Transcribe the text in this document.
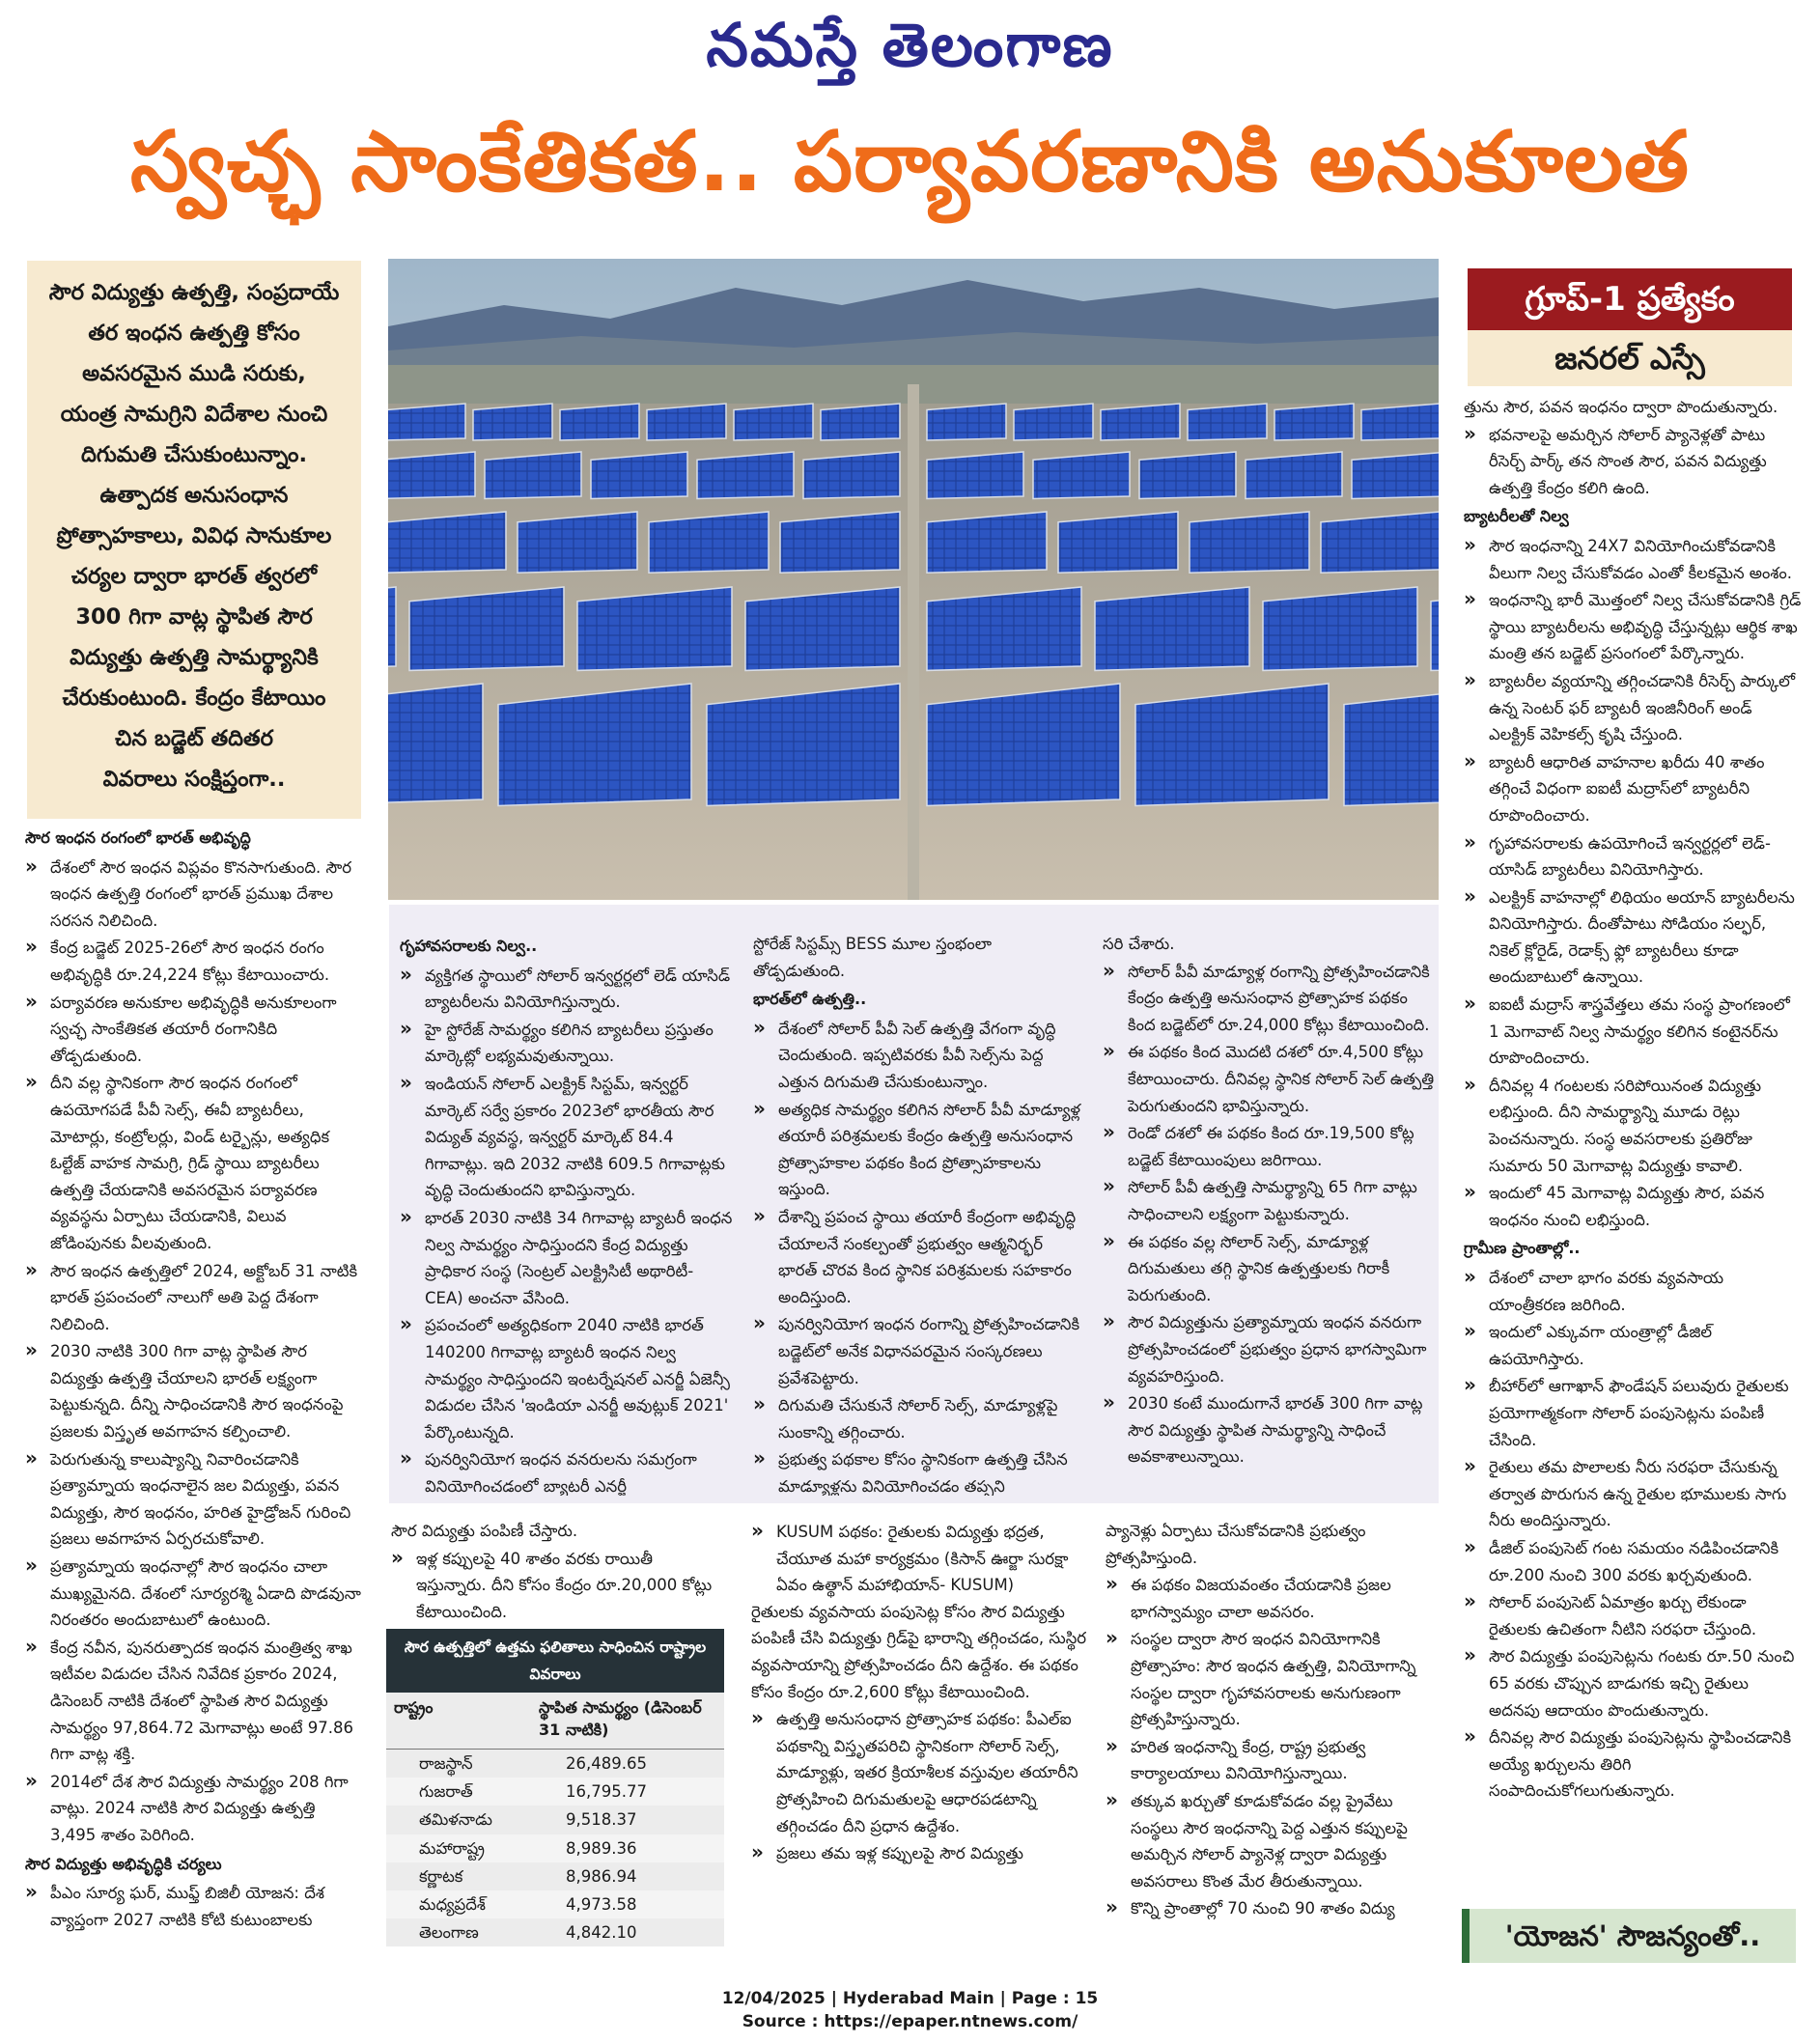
నమస్తే తెలంగాణ
స్వచ్ఛ సాంకేతికత.. పర్యావరణానికి అనుకూలత
సౌర విద్యుత్తు ఉత్పత్తి, సంప్రదాయే
తర ఇంధన ఉత్పత్తి కోసం
అవసరమైన ముడి సరుకు,
యంత్ర సామగ్రిని విదేశాల నుంచి
దిగుమతి చేసుకుంటున్నాం.
ఉత్పాదక అనుసంధాన
ప్రోత్సాహకాలు, వివిధ సానుకూల
చర్యల ద్వారా భారత్ త్వరలో
300 గిగా వాట్ల స్థాపిత సౌర
విద్యుత్తు ఉత్పత్తి సామర్థ్యానికి
చేరుకుంటుంది. కేంద్రం కేటాయిం
చిన బడ్జెట్ తదితర
వివరాలు సంక్షిప్తంగా..
గ్రూప్-1 ప్రత్యేకం
జనరల్ ఎస్సే

సౌర ఇంధన రంగంలో భారత్ అభివృద్ధి

» దేశంలో సౌర ఇంధన విప్లవం కొనసాగుతుంది. సౌర ఇంధన ఉత్పత్తి రంగంలో భారత్ ప్రముఖ దేశాల సరసన నిలిచింది.

» కేంద్ర బడ్జెట్ 2025-26లో సౌర ఇంధన రంగం అభివృద్ధికి రూ.24,224 కోట్లు కేటాయించారు.

» పర్యావరణ అనుకూల అభివృద్ధికి అనుకూలంగా స్వచ్ఛ సాంకేతికత తయారీ రంగానికిది తోడ్పడుతుంది.

» దీని వల్ల స్థానికంగా సౌర ఇంధన రంగంలో ఉపయోగపడే పీవీ సెల్స్, ఈవీ బ్యాటరీలు, మోటార్లు, కంట్రోలర్లు, విండ్ టర్బైన్లు, అత్యధిక ఓల్టేజ్ వాహక సామగ్రి, గ్రిడ్ స్థాయి బ్యాటరీలు ఉత్పత్తి చేయడానికి అవసరమైన పర్యావరణ వ్యవస్థను ఏర్పాటు చేయడానికి, విలువ జోడింపునకు వీలవుతుంది.

» సౌర ఇంధన ఉత్పత్తిలో 2024, అక్టోబర్ 31 నాటికి భారత్ ప్రపంచంలో నాలుగో అతి పెద్ద దేశంగా నిలిచింది.

» 2030 నాటికి 300 గిగా వాట్ల స్థాపిత సౌర విద్యుత్తు ఉత్పత్తి చేయాలని భారత్ లక్ష్యంగా పెట్టుకున్నది. దీన్ని సాధించడానికి సౌర ఇంధనంపై ప్రజలకు విస్తృత అవగాహన కల్పించాలి.

» పెరుగుతున్న కాలుష్యాన్ని నివారించడానికి ప్రత్యామ్నాయ ఇంధనాలైన జల విద్యుత్తు, పవన విద్యుత్తు, సౌర ఇంధనం, హరిత హైడ్రోజన్ గురించి ప్రజలు అవగాహన ఏర్పరచుకోవాలి.

» ప్రత్యామ్నాయ ఇంధనాల్లో సౌర ఇంధనం చాలా ముఖ్యమైనది. దేశంలో సూర్యరశ్మి ఏడాది పొడవునా నిరంతరం అందుబాటులో ఉంటుంది.

» కేంద్ర నవీన, పునరుత్పాదక ఇంధన మంత్రిత్వ శాఖ ఇటీవల విడుదల చేసిన నివేదిక ప్రకారం 2024, డిసెంబర్ నాటికి దేశంలో స్థాపిత సౌర విద్యుత్తు సామర్థ్యం 97,864.72 మెగావాట్లు అంటే 97.86 గిగా వాట్ల శక్తి.

» 2014లో దేశ సౌర విద్యుత్తు సామర్థ్యం 208 గిగా వాట్లు. 2024 నాటికి సౌర విద్యుత్తు ఉత్పత్తి 3,495 శాతం పెరిగింది.

సౌర విద్యుత్తు అభివృద్ధికి చర్యలు

» పీఎం సూర్య ఘర్, ముఫ్త్ బిజిలీ యోజన: దేశ వ్యాప్తంగా 2027 నాటికి కోటి కుటుంబాలకు

గృహావసరాలకు నిల్వ..

» వ్యక్తిగత స్థాయిలో సోలార్ ఇన్వర్టర్లలో లెడ్ యాసిడ్ బ్యాటరీలను వినియోగిస్తున్నారు.

» హై స్టోరేజ్ సామర్థ్యం కలిగిన బ్యాటరీలు ప్రస్తుతం మార్కెట్లో లభ్యమవుతున్నాయి.

» ఇండియన్ సోలార్ ఎలక్ట్రిక్ సిస్టమ్, ఇన్వర్టర్ మార్కెట్ సర్వే ప్రకారం 2023లో భారతీయ సౌర విద్యుత్ వ్యవస్థ, ఇన్వర్టర్ మార్కెట్ 84.4 గిగావాట్లు. ఇది 2032 నాటికి 609.5 గిగావాట్లకు వృద్ధి చెందుతుందని భావిస్తున్నారు.

» భారత్ 2030 నాటికి 34 గిగావాట్ల బ్యాటరీ ఇంధన నిల్వ సామర్థ్యం సాధిస్తుందని కేంద్ర విద్యుత్తు ప్రాధికార సంస్థ (సెంట్రల్ ఎలక్ట్రిసిటీ అథారిటీ- CEA) అంచనా వేసింది.

» ప్రపంచంలో అత్యధికంగా 2040 నాటికి భారత్ 140200 గిగావాట్ల బ్యాటరీ ఇంధన నిల్వ సామర్థ్యం సాధిస్తుందని ఇంటర్నేషనల్ ఎనర్జీ ఏజెన్సీ విడుదల చేసిన 'ఇండియా ఎనర్జీ అవుట్లుక్ 2021' పేర్కొంటున్నది.

» పునర్వినియోగ ఇంధన వనరులను సమగ్రంగా వినియోగించడంలో బ్యాటరీ ఎనర్జీ

స్టోరేజ్ సిస్టమ్స్ BESS మూల స్తంభంలా తోడ్పడుతుంది.

భారత్‌లో ఉత్పత్తి..

» దేశంలో సోలార్ పీవీ సెల్ ఉత్పత్తి వేగంగా వృద్ధి చెందుతుంది. ఇప్పటివరకు పీవీ సెల్స్‌ను పెద్ద ఎత్తున దిగుమతి చేసుకుంటున్నాం.

» అత్యధిక సామర్థ్యం కలిగిన సోలార్ పీవీ మాడ్యూళ్ల తయారీ పరిశ్రమలకు కేంద్రం ఉత్పత్తి అనుసంధాన ప్రోత్సాహకాల పథకం కింద ప్రోత్సాహకాలను ఇస్తుంది.

» దేశాన్ని ప్రపంచ స్థాయి తయారీ కేంద్రంగా అభివృద్ధి చేయాలనే సంకల్పంతో ప్రభుత్వం ఆత్మనిర్భర్ భారత్ చొరవ కింద స్థానిక పరిశ్రమలకు సహకారం అందిస్తుంది.

» పునర్వినియోగ ఇంధన రంగాన్ని ప్రోత్సహించడానికి బడ్జెట్‌లో అనేక విధానపరమైన సంస్కరణలు ప్రవేశపెట్టారు.

» దిగుమతి చేసుకునే సోలార్ సెల్స్, మాడ్యూళ్లపై సుంకాన్ని తగ్గించారు.

» ప్రభుత్వ పథకాల కోసం స్థానికంగా ఉత్పత్తి చేసిన మాడ్యూళ్లను వినియోగించడం తప్పని

సరి చేశారు.

» సోలార్ పీవీ మాడ్యూళ్ల రంగాన్ని ప్రోత్సహించడానికి కేంద్రం ఉత్పత్తి అనుసంధాన ప్రోత్సాహక పథకం కింద బడ్జెట్‌లో రూ.24,000 కోట్లు కేటాయించింది.

» ఈ పథకం కింద మొదటి దశలో రూ.4,500 కోట్లు కేటాయించారు. దీనివల్ల స్థానిక సోలార్ సెల్ ఉత్పత్తి పెరుగుతుందని భావిస్తున్నారు.

» రెండో దశలో ఈ పథకం కింద రూ.19,500 కోట్ల బడ్జెట్ కేటాయింపులు జరిగాయి.

» సోలార్ పీవీ ఉత్పత్తి సామర్థ్యాన్ని 65 గిగా వాట్లు సాధించాలని లక్ష్యంగా పెట్టుకున్నారు.

» ఈ పథకం వల్ల సోలార్ సెల్స్, మాడ్యూళ్ల దిగుమతులు తగ్గి స్థానిక ఉత్పత్తులకు గిరాకీ పెరుగుతుంది.

» సౌర విద్యుత్తును ప్రత్యామ్నాయ ఇంధన వనరుగా ప్రోత్సహించడంలో ప్రభుత్వం ప్రధాన భాగస్వామిగా వ్యవహరిస్తుంది.

» 2030 కంటే ముందుగానే భారత్ 300 గిగా వాట్ల సౌర విద్యుత్తు స్థాపిత సామర్థ్యాన్ని సాధించే అవకాశాలున్నాయి.

సౌర విద్యుత్తు పంపిణీ చేస్తారు.

» ఇళ్ల కప్పులపై 40 శాతం వరకు రాయితీ ఇస్తున్నారు. దీని కోసం కేంద్రం రూ.20,000 కోట్లు కేటాయించింది.

సౌర ఉత్పత్తిలో ఉత్తమ ఫలితాలు సాధించిన రాష్ట్రాల వివరాలు
రాష్ట్రం	స్థాపిత సామర్థ్యం (డిసెంబర్ 31 నాటికి)
రాజస్థాన్	26,489.65
గుజరాత్	16,795.77
తమిళనాడు	9,518.37
మహారాష్ట్ర	8,989.36
కర్ణాటక	8,986.94
మధ్యప్రదేశ్	4,973.58
తెలంగాణ	4,842.10

» KUSUM పథకం: రైతులకు విద్యుత్తు భద్రత, చేయూత మహా కార్యక్రమం (కిసాన్ ఊర్జా సురక్షా ఏవం ఉత్థాన్ మహాభియాన్- KUSUM)

రైతులకు వ్యవసాయ పంపుసెట్ల కోసం సౌర విద్యుత్తు పంపిణీ చేసి విద్యుత్తు గ్రిడ్‌పై భారాన్ని తగ్గించడం, సుస్థిర వ్యవసాయాన్ని ప్రోత్సహించడం దీని ఉద్దేశం. ఈ పథకం కోసం కేంద్రం రూ.2,600 కోట్లు కేటాయించింది.

» ఉత్పత్తి అనుసంధాన ప్రోత్సాహక పథకం: పీఎల్‌ఐ పథకాన్ని విస్తృతపరిచి స్థానికంగా సోలార్ సెల్స్, మాడ్యూళ్లు, ఇతర క్రియాశీలక వస్తువుల తయారీని ప్రోత్సహించి దిగుమతులపై ఆధారపడటాన్ని తగ్గించడం దీని ప్రధాన ఉద్దేశం.

» ప్రజలు తమ ఇళ్ల కప్పులపై సౌర విద్యుత్తు

ప్యానెళ్లు ఏర్పాటు చేసుకోవడానికి ప్రభుత్వం ప్రోత్సహిస్తుంది.

» ఈ పథకం విజయవంతం చేయడానికి ప్రజల భాగస్వామ్యం చాలా అవసరం.

» సంస్థల ద్వారా సౌర ఇంధన వినియోగానికి ప్రోత్సాహం: సౌర ఇంధన ఉత్పత్తి, వినియోగాన్ని సంస్థల ద్వారా గృహావసరాలకు అనుగుణంగా ప్రోత్సహిస్తున్నారు.

» హరిత ఇంధనాన్ని కేంద్ర, రాష్ట్ర ప్రభుత్వ కార్యాలయాలు వినియోగిస్తున్నాయి.

» తక్కువ ఖర్చుతో కూడుకోవడం వల్ల ప్రైవేటు సంస్థలు సౌర ఇంధనాన్ని పెద్ద ఎత్తున కప్పులపై అమర్చిన సోలార్ ప్యానెళ్ల ద్వారా విద్యుత్తు అవసరాలు కొంత మేర తీరుతున్నాయి.

» కొన్ని ప్రాంతాల్లో 70 నుంచి 90 శాతం విద్యు

త్తును సౌర, పవన ఇంధనం ద్వారా పొందుతున్నారు.

» భవనాలపై అమర్చిన సోలార్ ప్యానెళ్లతో పాటు రీసెర్చ్ పార్క్ తన సొంత సౌర, పవన విద్యుత్తు ఉత్పత్తి కేంద్రం కలిగి ఉంది.

బ్యాటరీలతో నిల్వ

» సౌర ఇంధనాన్ని 24X7 వినియోగించుకోవడానికి వీలుగా నిల్వ చేసుకోవడం ఎంతో కీలకమైన అంశం.

» ఇంధనాన్ని భారీ మొత్తంలో నిల్వ చేసుకోవడానికి గ్రిడ్ స్థాయి బ్యాటరీలను అభివృద్ధి చేస్తున్నట్లు ఆర్థిక శాఖ మంత్రి తన బడ్జెట్ ప్రసంగంలో పేర్కొన్నారు.

» బ్యాటరీల వ్యయాన్ని తగ్గించడానికి రీసెర్చ్ పార్కులో ఉన్న సెంటర్ ఫర్ బ్యాటరీ ఇంజినీరింగ్ అండ్ ఎలక్ట్రిక్ వెహికల్స్ కృషి చేస్తుంది.

» బ్యాటరీ ఆధారిత వాహనాల ఖరీదు 40 శాతం తగ్గించే విధంగా ఐఐటీ మద్రాస్‌లో బ్యాటరీని రూపొందించారు.

» గృహావసరాలకు ఉపయోగించే ఇన్వర్టర్లలో లెడ్-యాసిడ్ బ్యాటరీలు వినియోగిస్తారు.

» ఎలక్ట్రిక్ వాహనాల్లో లిథియం అయాన్ బ్యాటరీలను వినియోగిస్తారు. దీంతోపాటు సోడియం సల్ఫర్, నికెల్ క్లోరైడ్, రెడాక్స్ ఫ్లో బ్యాటరీలు కూడా అందుబాటులో ఉన్నాయి.

» ఐఐటీ మద్రాస్ శాస్త్రవేత్తలు తమ సంస్థ ప్రాంగణంలో 1 మెగావాట్ నిల్వ సామర్థ్యం కలిగిన కంటైనర్‌ను రూపొందించారు.

» దీనివల్ల 4 గంటలకు సరిపోయినంత విద్యుత్తు లభిస్తుంది. దీని సామర్థ్యాన్ని మూడు రెట్లు పెంచనున్నారు. సంస్థ అవసరాలకు ప్రతిరోజు సుమారు 50 మెగావాట్ల విద్యుత్తు కావాలి.

» ఇందులో 45 మెగావాట్ల విద్యుత్తు సౌర, పవన ఇంధనం నుంచి లభిస్తుంది.

గ్రామీణ ప్రాంతాల్లో..

» దేశంలో చాలా భాగం వరకు వ్యవసాయ యాంత్రీకరణ జరిగింది.

» ఇందులో ఎక్కువగా యంత్రాల్లో డీజిల్ ఉపయోగిస్తారు.

» బీహార్‌లో ఆగాఖాన్ ఫౌండేషన్ పలువురు రైతులకు ప్రయోగాత్మకంగా సోలార్ పంపుసెట్లను పంపిణీ చేసింది.

» రైతులు తమ పొలాలకు నీరు సరఫరా చేసుకున్న తర్వాత పొరుగున ఉన్న రైతుల భూములకు సాగు నీరు అందిస్తున్నారు.

» డీజిల్ పంపుసెట్ గంట సమయం నడిపించడానికి రూ.200 నుంచి 300 వరకు ఖర్చవుతుంది.

» సోలార్ పంపుసెట్ ఏమాత్రం ఖర్చు లేకుండా రైతులకు ఉచితంగా నీటిని సరఫరా చేస్తుంది.

» సౌర విద్యుత్తు పంపుసెట్లను గంటకు రూ.50 నుంచి 65 వరకు చొప్పున బాడుగకు ఇచ్చి రైతులు అదనపు ఆదాయం పొందుతున్నారు.

» దీనివల్ల సౌర విద్యుత్తు పంపుసెట్లను స్థాపించడానికి అయ్యే ఖర్చులను తిరిగి సంపాదించుకోగలుగుతున్నారు.

'యోజన' సౌజన్యంతో..
12/04/2025 | Hyderabad Main | Page : 15
Source : https://epaper.ntnews.com/
